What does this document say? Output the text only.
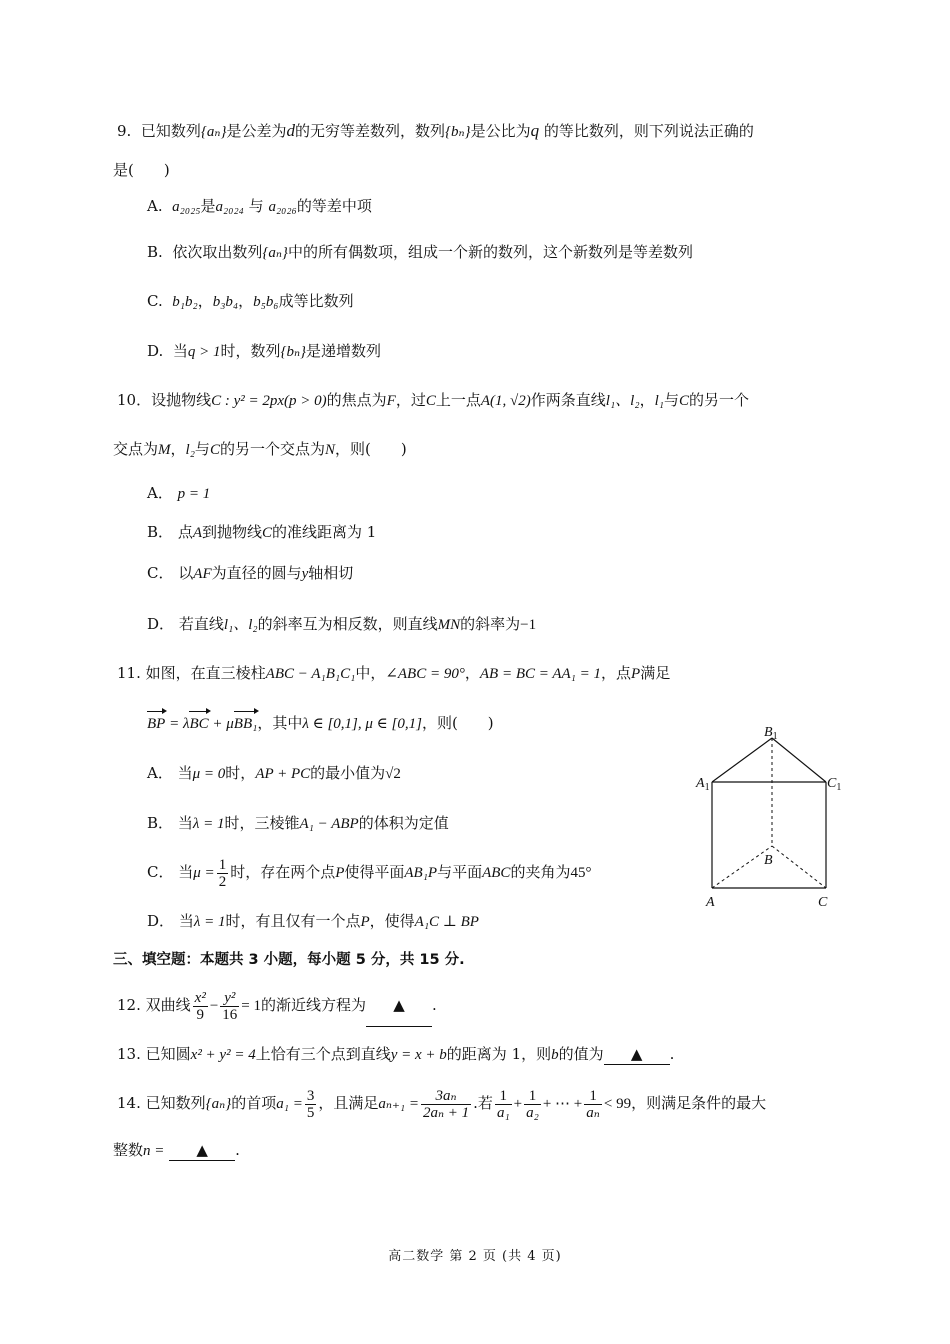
9. 已知数列{aₙ}是公差为d的无穷等差数列，数列{bₙ}是公比为q 的等比数列，则下列说法正确的
是(　　)
A. a₂₀₂₅是a₂₀₂₄ 与 a₂₀₂₆的等差中项
B. 依次取出数列{aₙ}中的所有偶数项，组成一个新的数列，这个新数列是等差数列
C. b₁b₂，b₃b₄，b₅b₆成等比数列
D. 当q > 1时，数列{bₙ}是递增数列
10．设抛物线C : y² = 2px(p > 0)的焦点为F，过C上一点A(1, √2)作两条直线l₁、l₂，l₁与C的另一个
交点为M，l₂与C的另一个交点为N，则(　　)
A． p = 1
B． 点A到抛物线C的准线距离为 1
C． 以AF为直径的圆与y轴相切
D． 若直线l₁、l₂的斜率互为相反数，则直线MN的斜率为−1
11. 如图，在直三棱柱ABC − A₁B₁C₁中，∠ABC = 90°，AB = BC = AA₁ = 1，点P满足
BP = λBC + μBB₁，其中λ ∈ [0,1], μ ∈ [0,1]，则(　　)
A． 当μ = 0时，AP + PC的最小值为√2
B． 当λ = 1时，三棱锥A₁ − ABP的体积为定值
C． 当$\mu = \frac{1}{2}$ 时，存在两个点P使得平面AB₁P与平面ABC的夹角为45°
D． 当λ = 1时，有且仅有一个点P，使得A₁C ⊥ BP
$B_1$
$A_1$	$C_1$
B
A	C
三、填空题：本题共 3 小题，每小题 5 分，共 15 分.
12. 双曲线 $\frac{\text{x²}}{9} - \frac{\text{y²}}{16} = 1$的渐近线方程为 ▲ .
13. 已知圆x² + y² = 4上恰有三个点到直线y = x + b的距离为 1，则b的值为 ▲ .
14. 已知数列{aₙ}的首项$a_1 = \frac{3}{5}$ ，且满足$a_{n+1} = \frac{\text{3aₙ}}{\text{2aₙ + 1}}$ .若 $\frac{1}{\text{a₁}} + \frac{1}{\text{a₂}}$ + ⋯ + $\frac{1}{\text{aₙ}} < 99$，则满足条件的最大
整数n = ▲ .
高二数学 第 2 页 (共 4 页)
